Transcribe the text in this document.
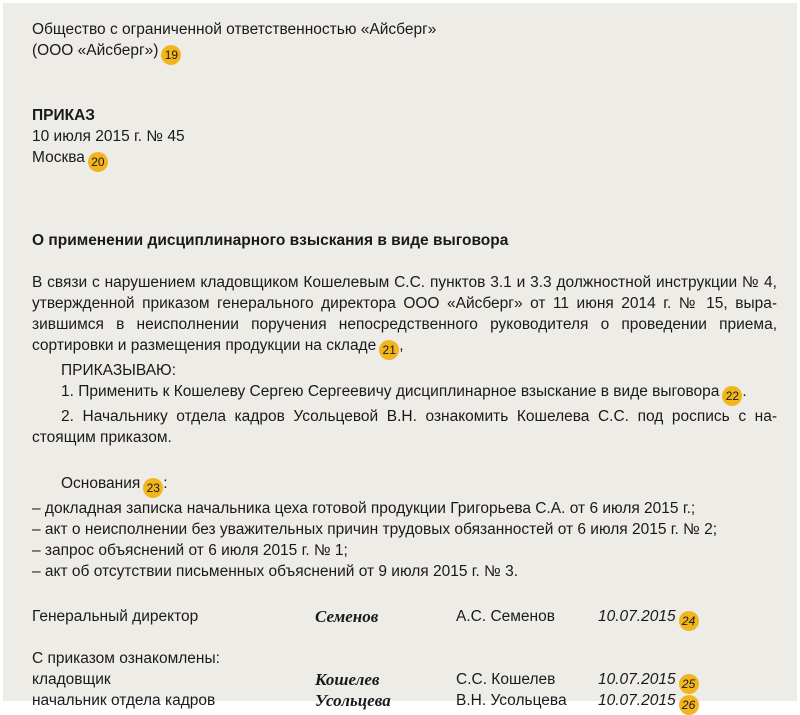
Общество с ограниченной ответственностью «Айсберг»
(ООО «Айсберг») 19
ПРИКАЗ
10 июля 2015 г. № 45
Москва 20
О применении дисциплинарного взыскания в виде выговора
В связи с нарушением кладовщиком Кошелевым С.С. пунктов 3.1 и 3.3 должностной инструкции № 4,
утвержденной приказом генерального директора ООО «Айсберг» от 11 июня 2014 г. № 15, выра-
зившимся в неисполнении поручения непосредственного руководителя о проведении приема,
сортировки и размещения продукции на складе 21 ,
ПРИКАЗЫВАЮ:
1. Применить к Кошелеву Сергею Сергеевичу дисциплинарное взыскание в виде выговора 22 .
2. Начальнику отдела кадров Усольцевой В.Н. ознакомить Кошелева С.С. под роспись с на-
стоящим приказом.
Основания 23 :
– докладная записка начальника цеха готовой продукции Григорьева С.А. от 6 июля 2015 г.;
– акт о неисполнении без уважительных причин трудовых обязанностей от 6 июля 2015 г. № 2;
– запрос объяснений от 6 июля 2015 г. № 1;
– акт об отсутствии письменных объяснений от 9 июля 2015 г. № 3.
Генеральный директор	Семенов	А.С. Семенов	10.07.2015 24
С приказом ознакомлены:
кладовщик	Кошелев	С.С. Кошелев	10.07.2015 25
начальник отдела кадров	Усольцева	В.Н. Усольцева 10.07.2015 26
